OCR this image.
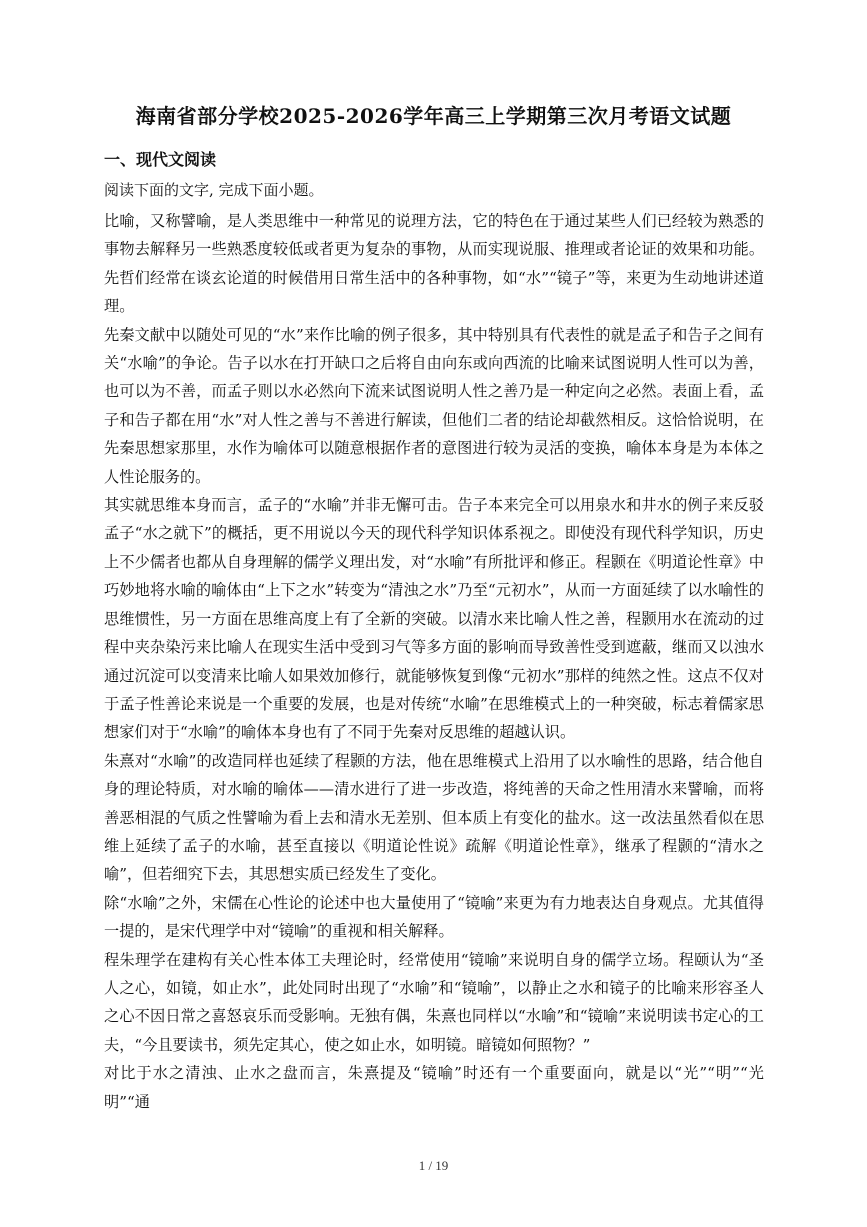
海南省部分学校2025-2026学年高三上学期第三次月考语文试题
一、现代文阅读
阅读下面的文字, 完成下面小题。

比喻，又称譬喻，是人类思维中一种常见的说理方法，它的特色在于通过某些人们已经较为熟悉的事物去解释另一些熟悉度较低或者更为复杂的事物，从而实现说服、推理或者论证的效果和功能。先哲们经常在谈玄论道的时候借用日常生活中的各种事物，如“水”“镜子”等，来更为生动地讲述道理。

先秦文献中以随处可见的“水”来作比喻的例子很多，其中特别具有代表性的就是孟子和告子之间有关“水喻”的争论。告子以水在打开缺口之后将自由向东或向西流的比喻来试图说明人性可以为善，也可以为不善，而孟子则以水必然向下流来试图说明人性之善乃是一种定向之必然。表面上看，孟子和告子都在用“水”对人性之善与不善进行解读，但他们二者的结论却截然相反。这恰恰说明，在先秦思想家那里，水作为喻体可以随意根据作者的意图进行较为灵活的变换，喻体本身是为本体之人性论服务的。

其实就思维本身而言，孟子的“水喻”并非无懈可击。告子本来完全可以用泉水和井水的例子来反驳孟子“水之就下”的概括，更不用说以今天的现代科学知识体系视之。即使没有现代科学知识，历史上不少儒者也都从自身理解的儒学义理出发，对“水喻”有所批评和修正。程颢在《明道论性章》中巧妙地将水喻的喻体由“上下之水”转变为“清浊之水”乃至“元初水”，从而一方面延续了以水喻性的思维惯性，另一方面在思维高度上有了全新的突破。以清水来比喻人性之善，程颢用水在流动的过程中夹杂染污来比喻人在现实生活中受到习气等多方面的影响而导致善性受到遮蔽，继而又以浊水通过沉淀可以变清来比喻人如果效加修行，就能够恢复到像“元初水”那样的纯然之性。这点不仅对于孟子性善论来说是一个重要的发展，也是对传统“水喻”在思维模式上的一种突破，标志着儒家思想家们对于“水喻”的喻体本身也有了不同于先秦对反思维的超越认识。

朱熹对“水喻”的改造同样也延续了程颢的方法，他在思维模式上沿用了以水喻性的思路，结合他自身的理论特质，对水喻的喻体——清水进行了进一步改造，将纯善的天命之性用清水来譬喻，而将善恶相混的气质之性譬喻为看上去和清水无差别、但本质上有变化的盐水。这一改法虽然看似在思维上延续了孟子的水喻，甚至直接以《明道论性说》疏解《明道论性章》，继承了程颢的“清水之喻”，但若细究下去，其思想实质已经发生了变化。

除“水喻”之外，宋儒在心性论的论述中也大量使用了“镜喻”来更为有力地表达自身观点。尤其值得一提的，是宋代理学中对“镜喻”的重视和相关解释。

程朱理学在建构有关心性本体工夫理论时，经常使用“镜喻”来说明自身的儒学立场。程颐认为“圣人之心，如镜，如止水”，此处同时出现了“水喻”和“镜喻”，以静止之水和镜子的比喻来形容圣人之心不因日常之喜怒哀乐而受影响。无独有偶，朱熹也同样以“水喻”和“镜喻”来说明读书定心的工夫，“今且要读书，须先定其心，使之如止水，如明镜。暗镜如何照物？”

对比于水之清浊、止水之盘而言，朱熹提及“镜喻”时还有一个重要面向，就是以“光”“明”“光明”“通

1 / 19
